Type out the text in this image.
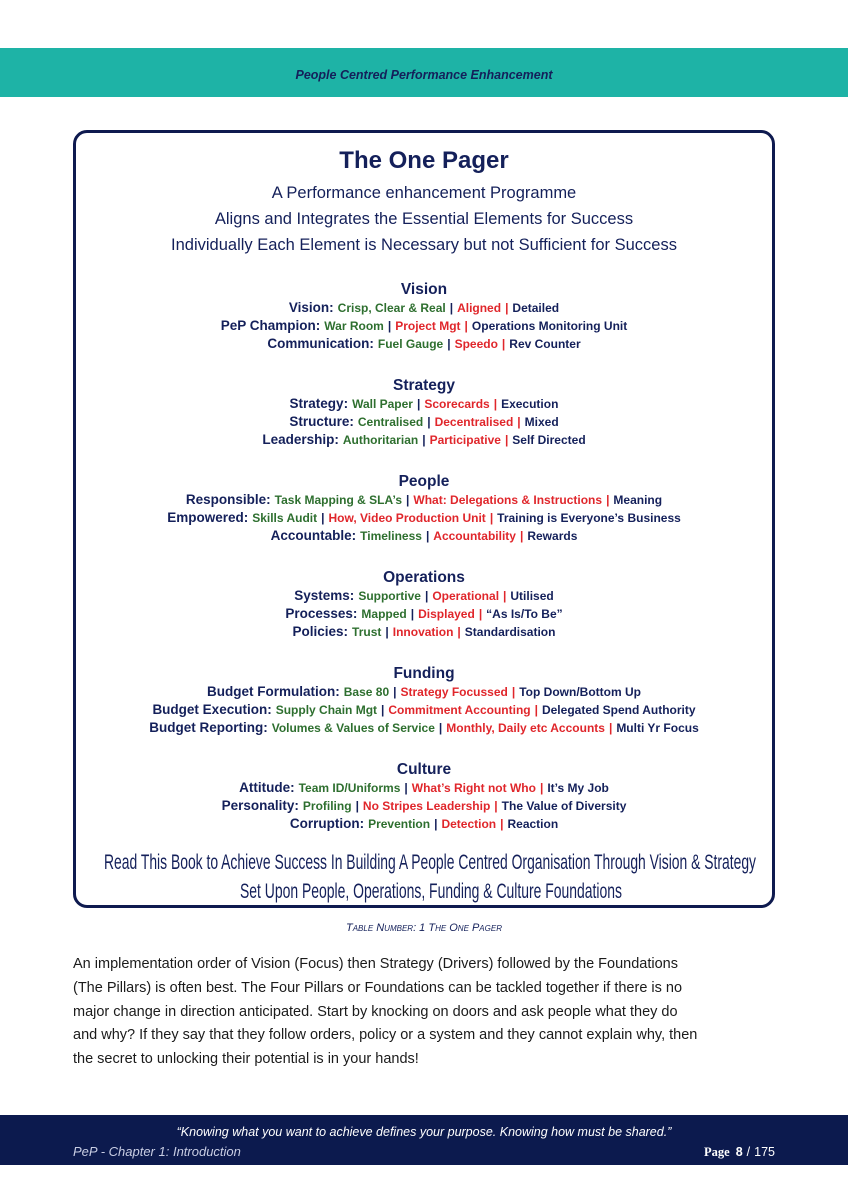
People Centred Performance Enhancement
The One Pager
A Performance enhancement Programme
Aligns and Integrates the Essential Elements for Success
Individually Each Element is Necessary but not Sufficient for Success
Vision
Vision: Crisp, Clear & Real | Aligned | Detailed
PeP Champion: War Room | Project Mgt | Operations Monitoring Unit
Communication: Fuel Gauge | Speedo | Rev Counter
Strategy
Strategy: Wall Paper | Scorecards | Execution
Structure: Centralised | Decentralised | Mixed
Leadership: Authoritarian | Participative | Self Directed
People
Responsible: Task Mapping & SLA’s | What: Delegations & Instructions | Meaning
Empowered: Skills Audit | How, Video Production Unit | Training is Everyone’s Business
Accountable: Timeliness | Accountability | Rewards
Operations
Systems: Supportive | Operational | Utilised
Processes: Mapped | Displayed | “As Is/To Be”
Policies: Trust | Innovation | Standardisation
Funding
Budget Formulation: Base 80 | Strategy Focussed | Top Down/Bottom Up
Budget Execution: Supply Chain Mgt | Commitment Accounting | Delegated Spend Authority
Budget Reporting: Volumes & Values of Service | Monthly, Daily etc Accounts | Multi Yr Focus
Culture
Attitude: Team ID/Uniforms | What’s Right not Who | It’s My Job
Personality: Profiling | No Stripes Leadership | The Value of Diversity
Corruption: Prevention | Detection | Reaction
Read This Book to Achieve Success In Building A People Centred Organisation Through Vision & Strategy
Set Upon People, Operations, Funding & Culture Foundations
Table Number: 1 The One Pager
An implementation order of Vision (Focus) then Strategy (Drivers) followed by the Foundations
(The Pillars) is often best. The Four Pillars or Foundations can be tackled together if there is no
major change in direction anticipated. Start by knocking on doors and ask people what they do
and why? If they say that they follow orders, policy or a system and they cannot explain why, then
the secret to unlocking their potential is in your hands!
“Knowing what you want to achieve defines your purpose. Knowing how must be shared.”
PeP - Chapter 1: Introduction	Page 8 / 175
